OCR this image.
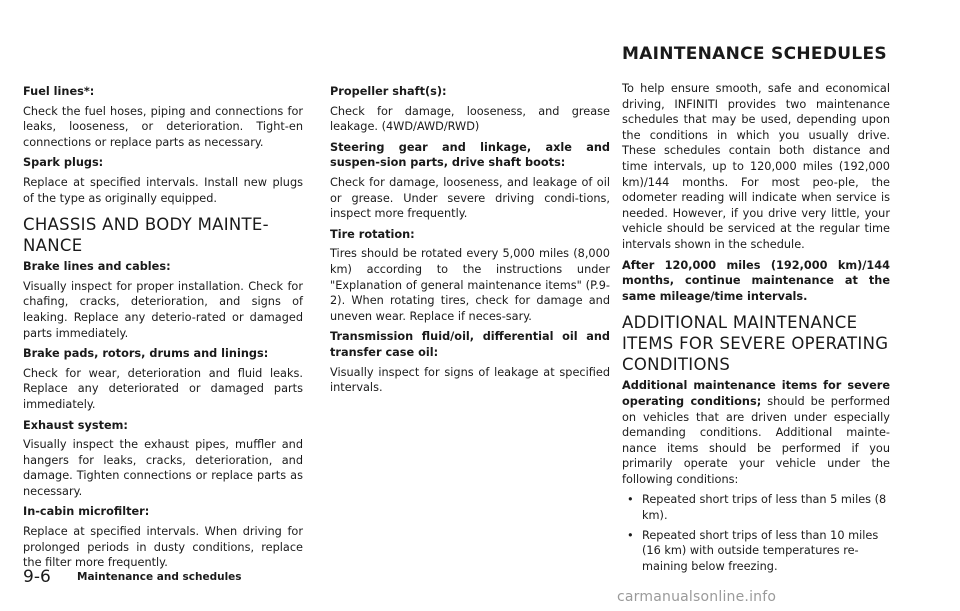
MAINTENANCE SCHEDULES

Fuel lines*:

Check the fuel hoses, piping and connections for leaks, looseness, or deterioration. Tight-en connections or replace parts as necessary.

Spark plugs:

Replace at specified intervals. Install new plugs of the type as originally equipped.

CHASSIS AND BODY MAINTE-NANCE

Brake lines and cables:

Visually inspect for proper installation. Check for chafing, cracks, deterioration, and signs of leaking. Replace any deterio-rated or damaged parts immediately.

Brake pads, rotors, drums and linings:

Check for wear, deterioration and fluid leaks. Replace any deteriorated or damaged parts immediately.

Exhaust system:

Visually inspect the exhaust pipes, muffler and hangers for leaks, cracks, deterioration, and damage. Tighten connections or replace parts as necessary.

In-cabin microfilter:

Replace at specified intervals. When driving for prolonged periods in dusty conditions, replace the filter more frequently.

Propeller shaft(s):

Check for damage, looseness, and grease leakage. (4WD/AWD/RWD)

Steering gear and linkage, axle and suspen-sion parts, drive shaft boots:

Check for damage, looseness, and leakage of oil or grease. Under severe driving condi-tions, inspect more frequently.

Tire rotation:

Tires should be rotated every 5,000 miles (8,000 km) according to the instructions under "Explanation of general maintenance items" (P.9-2). When rotating tires, check for damage and uneven wear. Replace if neces-sary.

Transmission fluid/oil, differential oil and transfer case oil:

Visually inspect for signs of leakage at specified intervals.

To help ensure smooth, safe and economical driving, INFINITI provides two maintenance schedules that may be used, depending upon the conditions in which you usually drive. These schedules contain both distance and time intervals, up to 120,000 miles (192,000 km)/144 months. For most peo-ple, the odometer reading will indicate when service is needed. However, if you drive very little, your vehicle should be serviced at the regular time intervals shown in the schedule.

After 120,000 miles (192,000 km)/144 months, continue maintenance at the same mileage/time intervals.

ADDITIONAL MAINTENANCE ITEMS FOR SEVERE OPERATING CONDITIONS

Additional maintenance items for severe operating conditions; should be performed on vehicles that are driven under especially demanding conditions. Additional mainte-nance items should be performed if you primarily operate your vehicle under the following conditions:

• Repeated short trips of less than 5 miles (8 km).
• Repeated short trips of less than 10 miles (16 km) with outside temperatures re-maining below freezing.
9-6 Maintenance and schedules
carmanualsonline.info
